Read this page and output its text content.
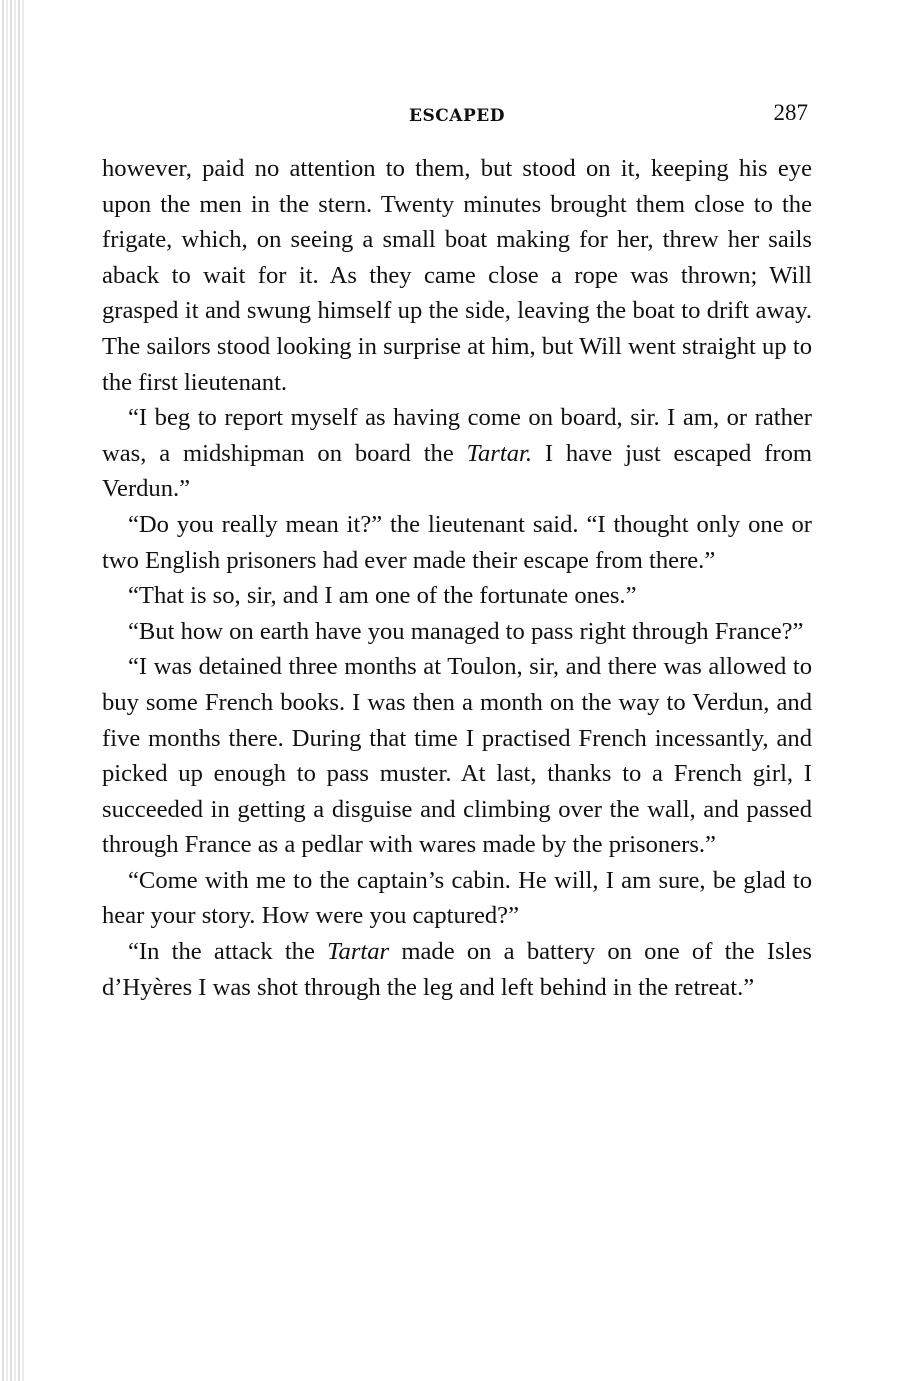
ESCAPED	287

however, paid no attention to them, but stood on it, keeping his eye upon the men in the stern. Twenty minutes brought them close to the frigate, which, on seeing a small boat making for her, threw her sails aback to wait for it. As they came close a rope was thrown; Will grasped it and swung himself up the side, leaving the boat to drift away. The sailors stood looking in surprise at him, but Will went straight up to the first lieutenant.

“I beg to report myself as having come on board, sir. I am, or rather was, a midshipman on board the Tartar. I have just escaped from Verdun.”

“Do you really mean it?” the lieutenant said. “I thought only one or two English prisoners had ever made their escape from there.”

“That is so, sir, and I am one of the fortunate ones.”

“But how on earth have you managed to pass right through France?”

“I was detained three months at Toulon, sir, and there was allowed to buy some French books. I was then a month on the way to Verdun, and five months there. During that time I practised French incessantly, and picked up enough to pass muster. At last, thanks to a French girl, I succeeded in getting a disguise and climbing over the wall, and passed through France as a pedlar with wares made by the prisoners.”

“Come with me to the captain’s cabin. He will, I am sure, be glad to hear your story. How were you captured?”

“In the attack the Tartar made on a battery on one of the Isles d’Hyères I was shot through the leg and left behind in the retreat.”
